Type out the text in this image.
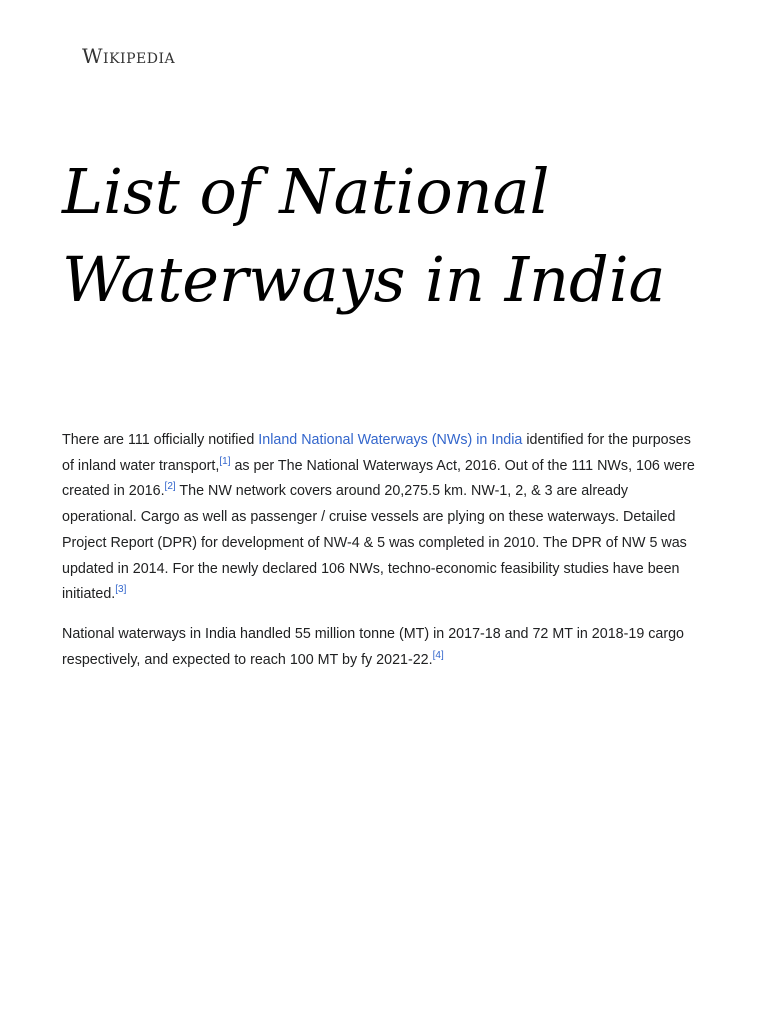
Wikipedia
List of National Waterways in India

There are 111 officially notified Inland National Waterways (NWs) in India identified for the purposes of inland water transport,[1] as per The National Waterways Act, 2016. Out of the 111 NWs, 106 were created in 2016.[2] The NW network covers around 20,275.5 km. NW-1, 2, & 3 are already operational. Cargo as well as passenger / cruise vessels are plying on these waterways. Detailed Project Report (DPR) for development of NW-4 & 5 was completed in 2010. The DPR of NW 5 was updated in 2014. For the newly declared 106 NWs, techno-economic feasibility studies have been initiated.[3]

National waterways in India handled 55 million tonne (MT) in 2017-18 and 72 MT in 2018-19 cargo respectively, and expected to reach 100 MT by fy 2021-22.[4]
